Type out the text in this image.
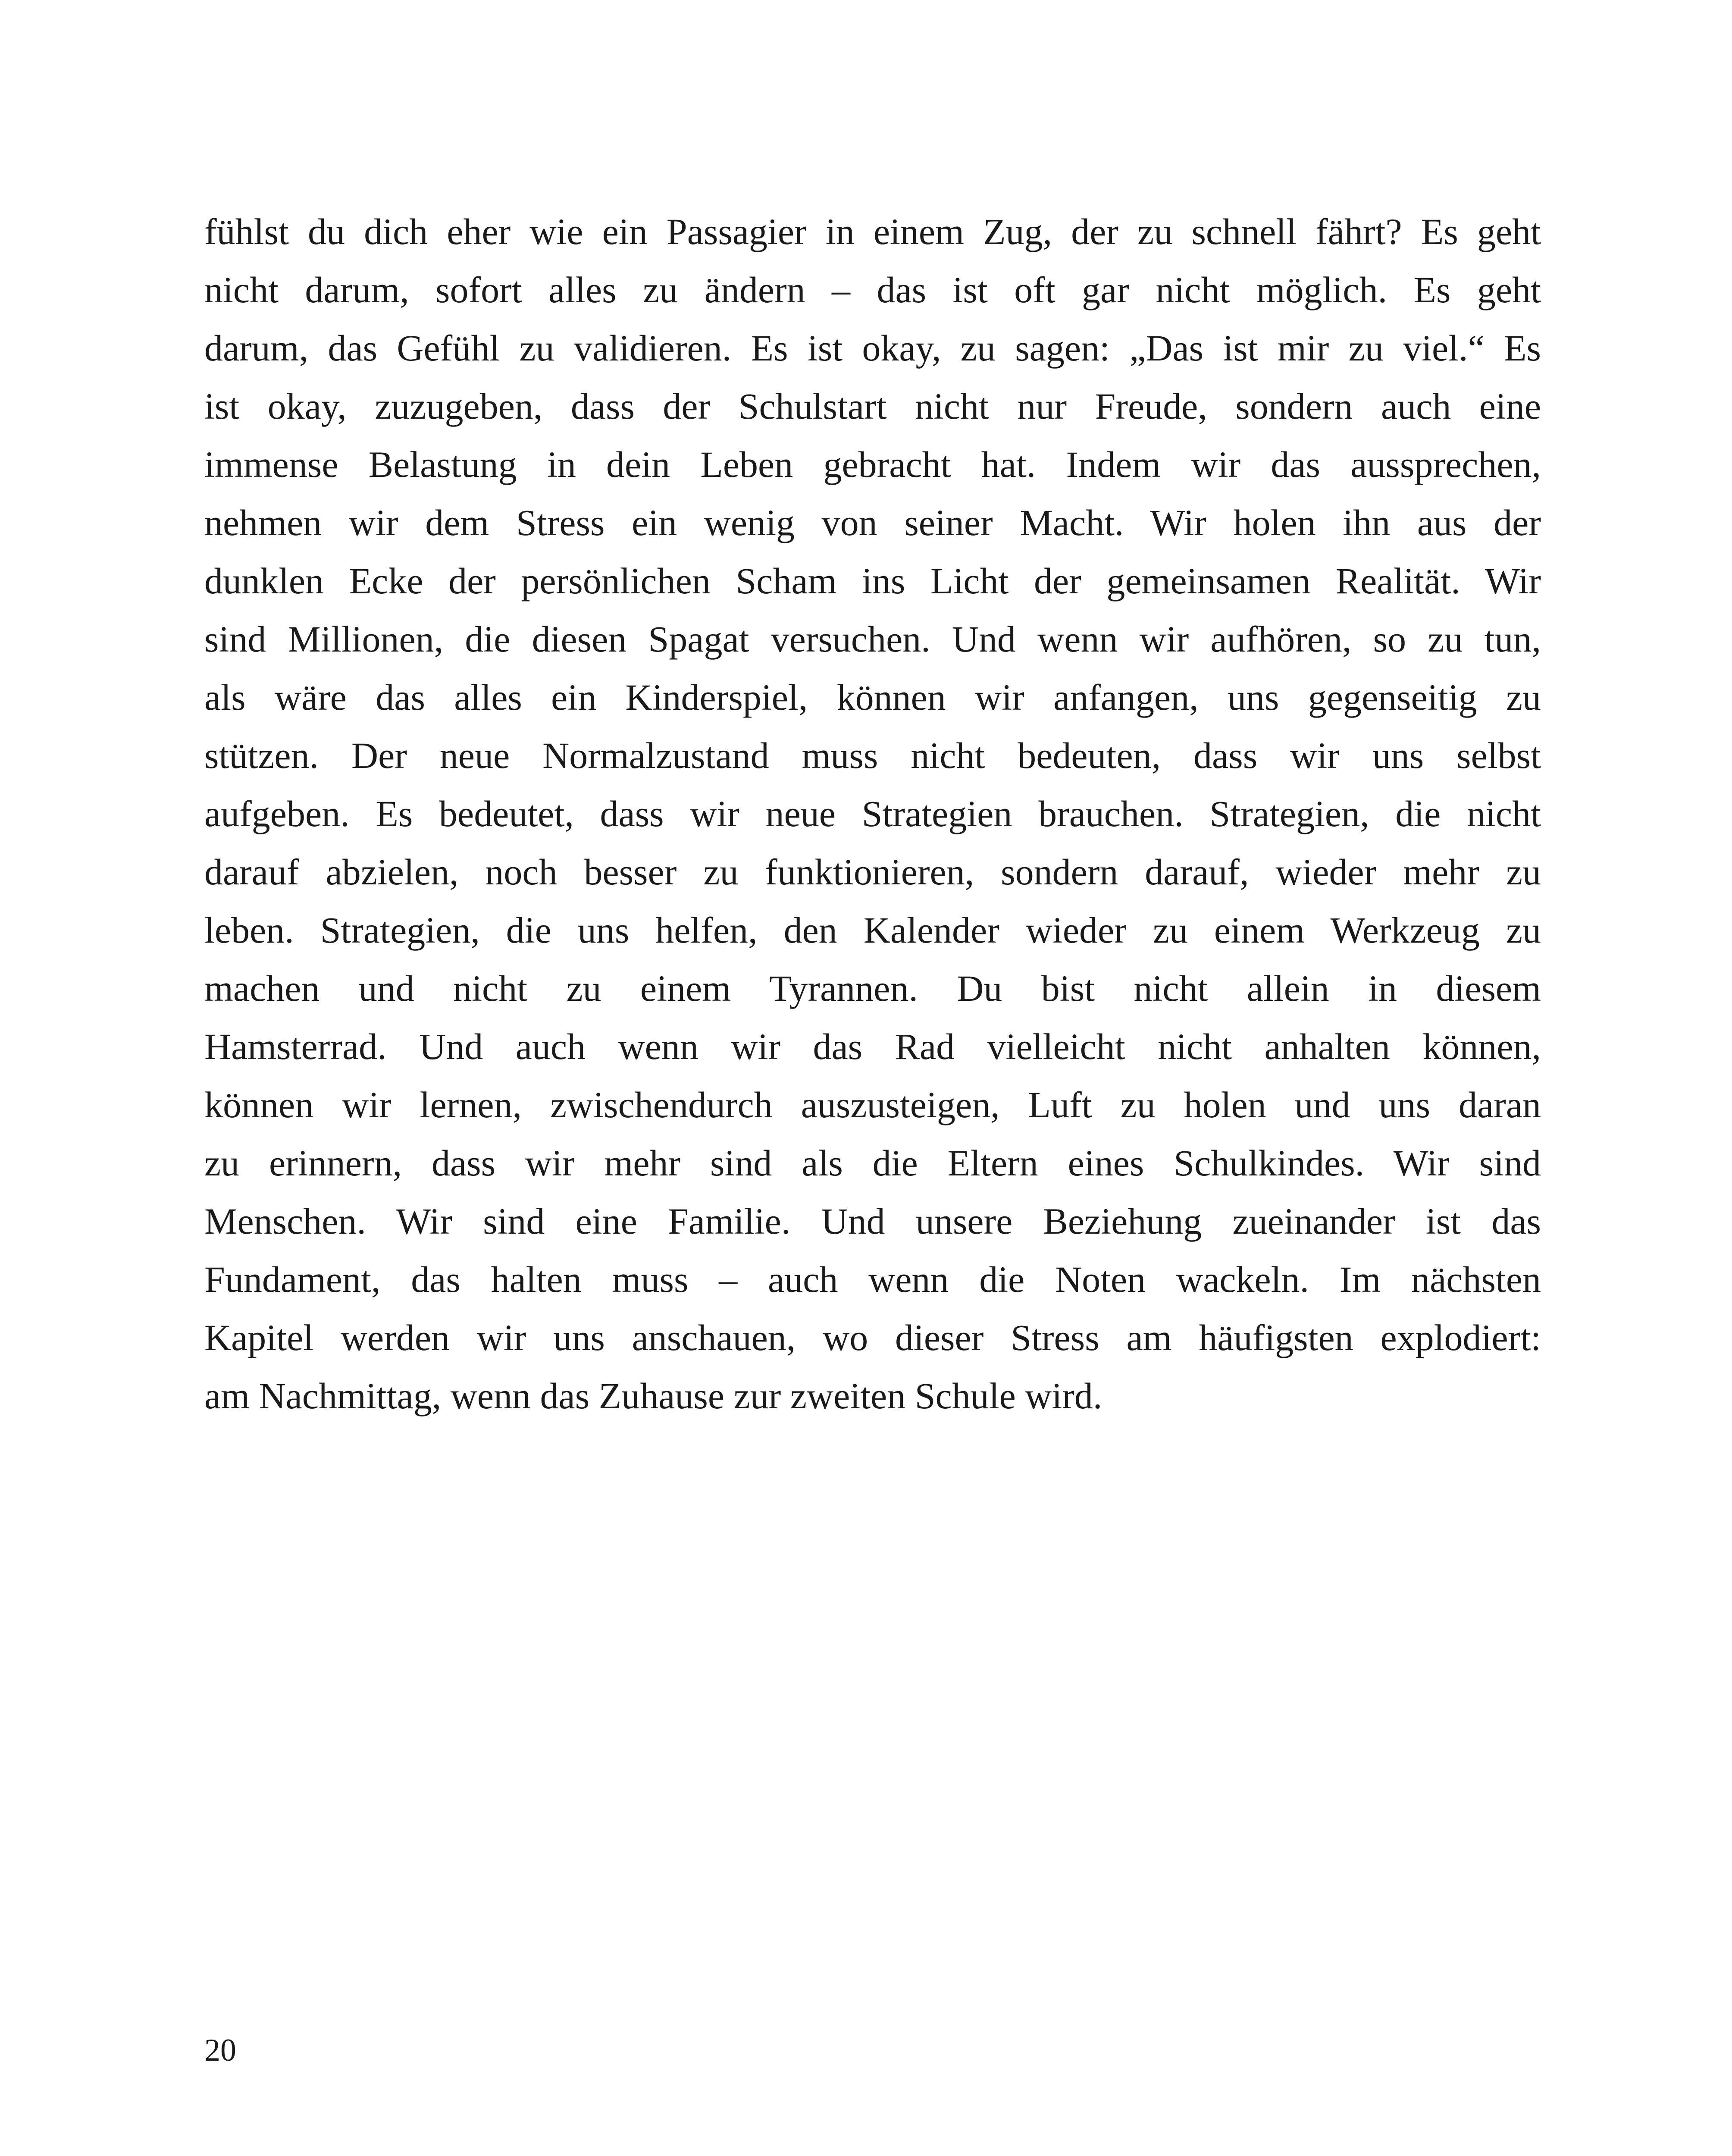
fühlst du dich eher wie ein Passagier in einem Zug, der zu schnell fährt? Es geht
nicht darum, sofort alles zu ändern – das ist oft gar nicht möglich. Es geht
darum, das Gefühl zu validieren. Es ist okay, zu sagen: „Das ist mir zu viel.“ Es
ist okay, zuzugeben, dass der Schulstart nicht nur Freude, sondern auch eine
immense Belastung in dein Leben gebracht hat. Indem wir das aussprechen,
nehmen wir dem Stress ein wenig von seiner Macht. Wir holen ihn aus der
dunklen Ecke der persönlichen Scham ins Licht der gemeinsamen Realität. Wir
sind Millionen, die diesen Spagat versuchen. Und wenn wir aufhören, so zu tun,
als wäre das alles ein Kinderspiel, können wir anfangen, uns gegenseitig zu
stützen. Der neue Normalzustand muss nicht bedeuten, dass wir uns selbst
aufgeben. Es bedeutet, dass wir neue Strategien brauchen. Strategien, die nicht
darauf abzielen, noch besser zu funktionieren, sondern darauf, wieder mehr zu
leben. Strategien, die uns helfen, den Kalender wieder zu einem Werkzeug zu
machen und nicht zu einem Tyrannen. Du bist nicht allein in diesem
Hamsterrad. Und auch wenn wir das Rad vielleicht nicht anhalten können,
können wir lernen, zwischendurch auszusteigen, Luft zu holen und uns daran
zu erinnern, dass wir mehr sind als die Eltern eines Schulkindes. Wir sind
Menschen. Wir sind eine Familie. Und unsere Beziehung zueinander ist das
Fundament, das halten muss – auch wenn die Noten wackeln. Im nächsten
Kapitel werden wir uns anschauen, wo dieser Stress am häufigsten explodiert:
am Nachmittag, wenn das Zuhause zur zweiten Schule wird.
20
